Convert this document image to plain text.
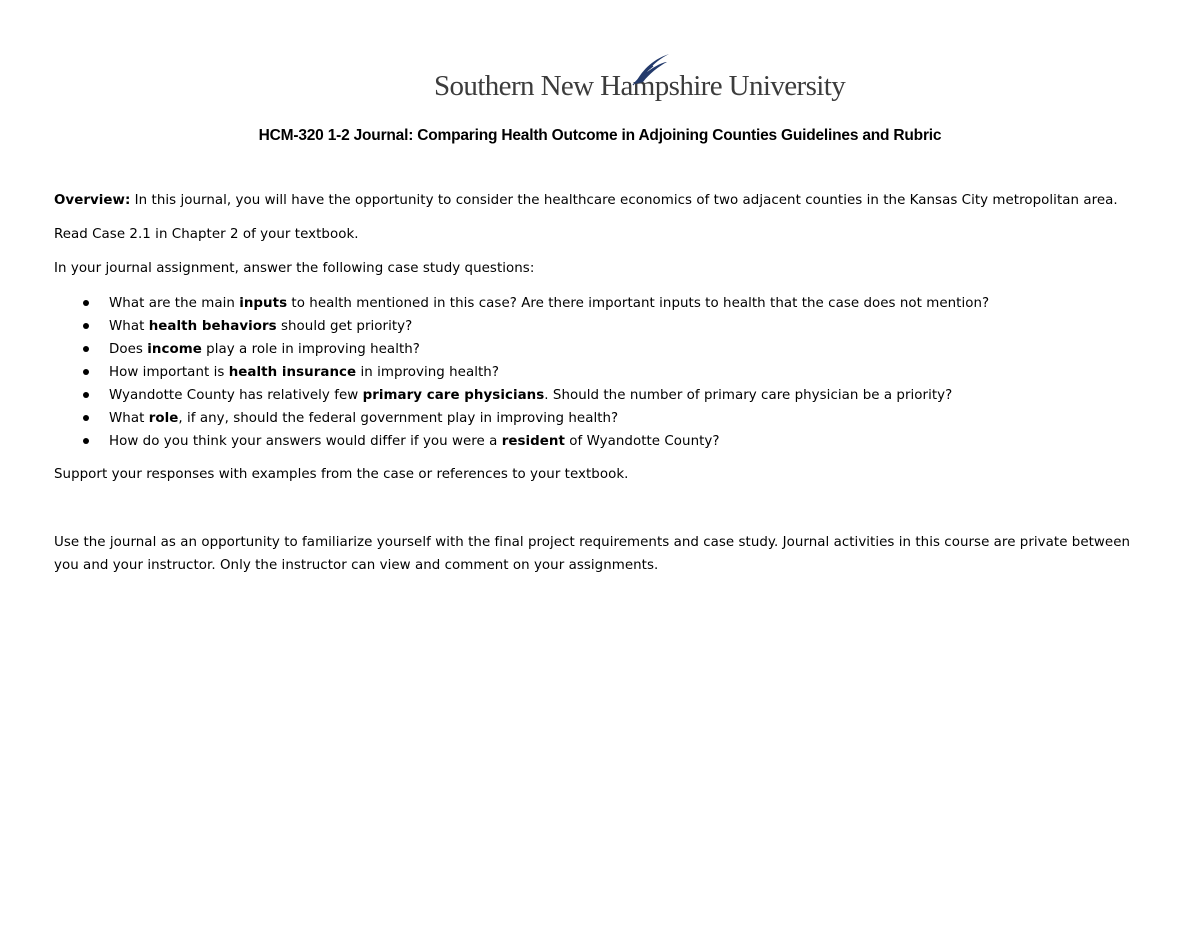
Southern New Hampshire University
HCM-320 1-2 Journal: Comparing Health Outcome in Adjoining Counties Guidelines and Rubric
Overview: In this journal, you will have the opportunity to consider the healthcare economics of two adjacent counties in the Kansas City metropolitan area.
Read Case 2.1 in Chapter 2 of your textbook.
In your journal assignment, answer the following case study questions:
What are the main inputs to health mentioned in this case? Are there important inputs to health that the case does not mention?
What health behaviors should get priority?
Does income play a role in improving health?
How important is health insurance in improving health?
Wyandotte County has relatively few primary care physicians. Should the number of primary care physician be a priority?
What role, if any, should the federal government play in improving health?
How do you think your answers would differ if you were a resident of Wyandotte County?
Support your responses with examples from the case or references to your textbook.
Use the journal as an opportunity to familiarize yourself with the final project requirements and case study. Journal activities in this course are private between you and your instructor. Only the instructor can view and comment on your assignments.
